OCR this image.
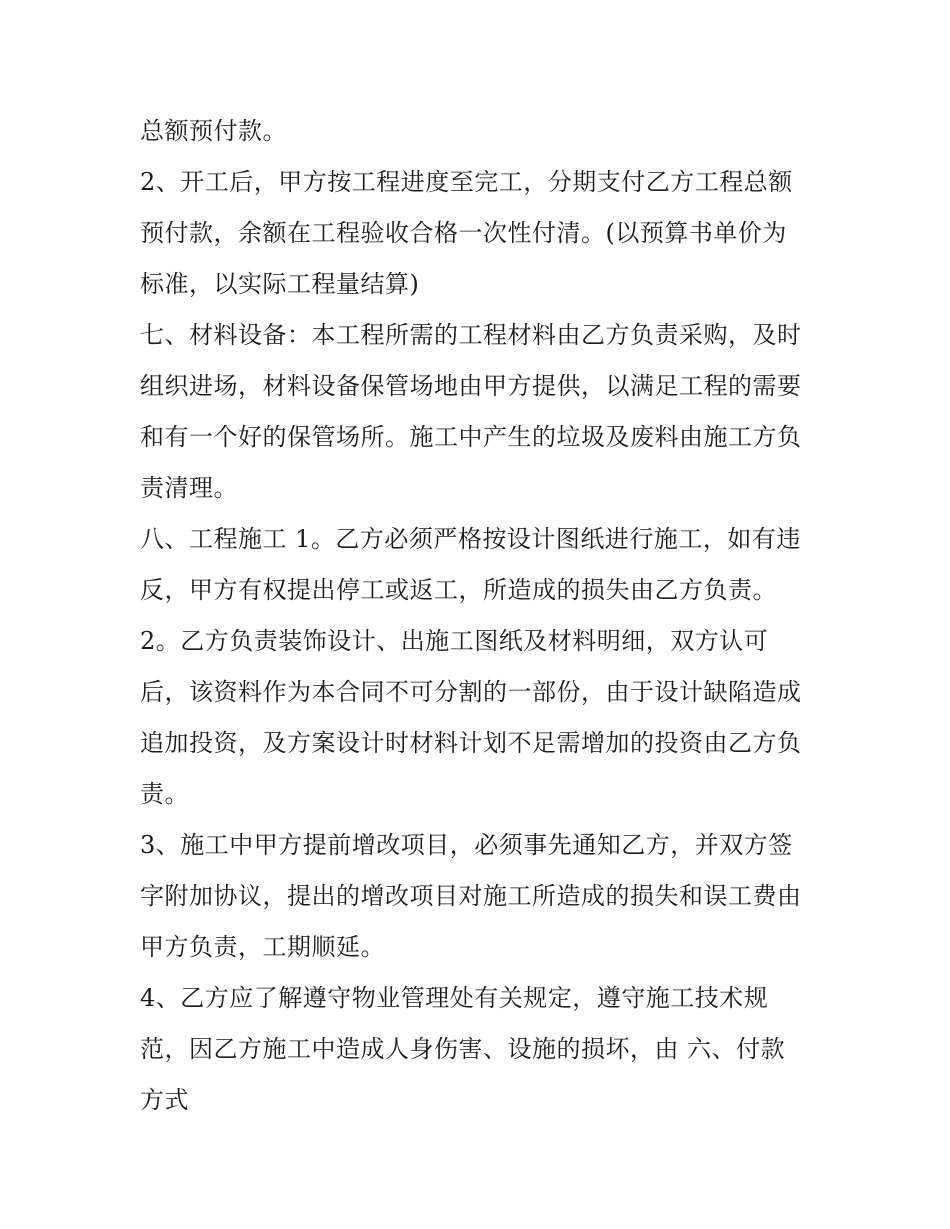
总额预付款。
2、开工后，甲方按工程进度至完工，分期支付乙方工程总额
预付款，余额在工程验收合格一次性付清。(以预算书单价为
标准，以实际工程量结算)
七、材料设备：本工程所需的工程材料由乙方负责采购，及时
组织进场，材料设备保管场地由甲方提供，以满足工程的需要
和有一个好的保管场所。施工中产生的垃圾及废料由施工方负
责清理。
八、工程施工 1。乙方必须严格按设计图纸进行施工，如有违
反，甲方有权提出停工或返工，所造成的损失由乙方负责。
2。乙方负责装饰设计、出施工图纸及材料明细，双方认可
后，该资料作为本合同不可分割的一部份，由于设计缺陷造成
追加投资，及方案设计时材料计划不足需增加的投资由乙方负
责。
3、施工中甲方提前增改项目，必须事先通知乙方，并双方签
字附加协议，提出的增改项目对施工所造成的损失和误工费由
甲方负责，工期顺延。
4、乙方应了解遵守物业管理处有关规定，遵守施工技术规
范，因乙方施工中造成人身伤害、设施的损坏，由 六、付款
方式
